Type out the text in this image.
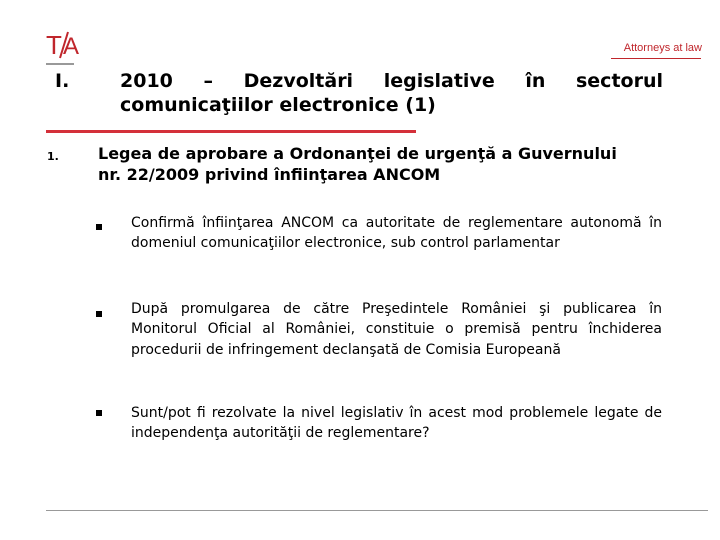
T A	Attorneys at law
I.	2010 – Dezvoltări legislative în sectorul
comunicaţiilor electronice (1)
1. Legea de aprobare a Ordonanţei de urgenţă a Guvernului nr. 22/2009 privind înfiinţarea ANCOM
Confirmă înfiinţarea ANCOM ca autoritate de reglementare autonomă în domeniul comunicaţiilor electronice, sub control parlamentar
După promulgarea de către Preşedintele României şi publicarea în Monitorul Oficial al României, constituie o premisă pentru închiderea procedurii de infringement declanşată de Comisia Europeană
Sunt/pot fi rezolvate la nivel legislativ în acest mod problemele legate de independenţa autorităţii de reglementare?
